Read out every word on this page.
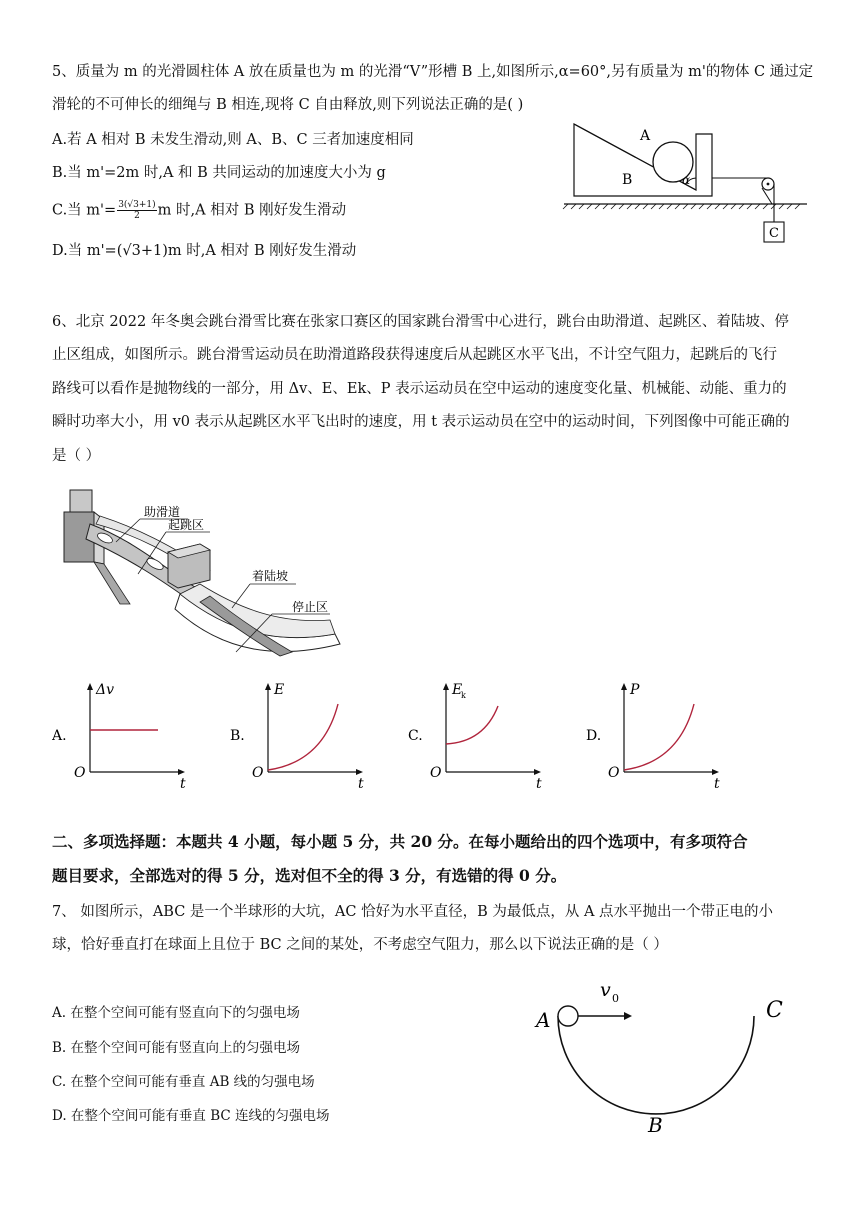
5、质量为 m 的光滑圆柱体 A 放在质量也为 m 的光滑“V”形槽 B 上,如图所示,α=60°,另有质量为 m'的物体 C 通过定
滑轮的不可伸长的细绳与 B 相连,现将 C 自由释放,则下列说法正确的是( )
A.若 A 相对 B 未发生滑动,则 A、B、C 三者加速度相同
B.当 m'=2m 时,A 和 B 共同运动的加速度大小为 g
C.当 $m'= \frac{3(√3+1)}{2}$ m 时,A 相对 B 刚好发生滑动
D.当 m'=(√3+1)m 时,A 相对 B 刚好发生滑动
C
A
B	α
6、北京 2022 年冬奥会跳台滑雪比赛在张家口赛区的国家跳台滑雪中心进行，跳台由助滑道、起跳区、着陆坡、停
止区组成，如图所示。跳台滑雪运动员在助滑道路段获得速度后从起跳区水平飞出，不计空气阻力，起跳后的飞行
路线可以看作是抛物线的一部分，用 Δv、E、Ek、P 表示运动员在空中运动的速度变化量、机械能、动能、重力的
瞬时功率大小，用 v0 表示从起跳区水平飞出时的速度，用 t 表示运动员在空中的运动时间，下列图像中可能正确的
是（ ）
助滑道
起跳区
着陆坡
停止区
A.
O
t
Δv
B.
O
t
E
C.
O
t
E
k
D.
O
t
P
二、多项选择题：本题共 4 小题，每小题 5 分，共 20 分。在每小题给出的四个选项中，有多项符合
题目要求，全部选对的得 5 分，选对但不全的得 3 分，有选错的得 0 分。
7、 如图所示，ABC 是一个半球形的大坑，AC 恰好为水平直径，B 为最低点，从 A 点水平抛出一个带正电的小
球，恰好垂直打在球面上且位于 BC 之间的某处，不考虑空气阻力，那么以下说法正确的是（ ）
A. 在整个空间可能有竖直向下的匀强电场
B. 在整个空间可能有竖直向上的匀强电场
C. 在整个空间可能有垂直 AB 线的匀强电场
D. 在整个空间可能有垂直 BC 连线的匀强电场
A	C
B
v 0
